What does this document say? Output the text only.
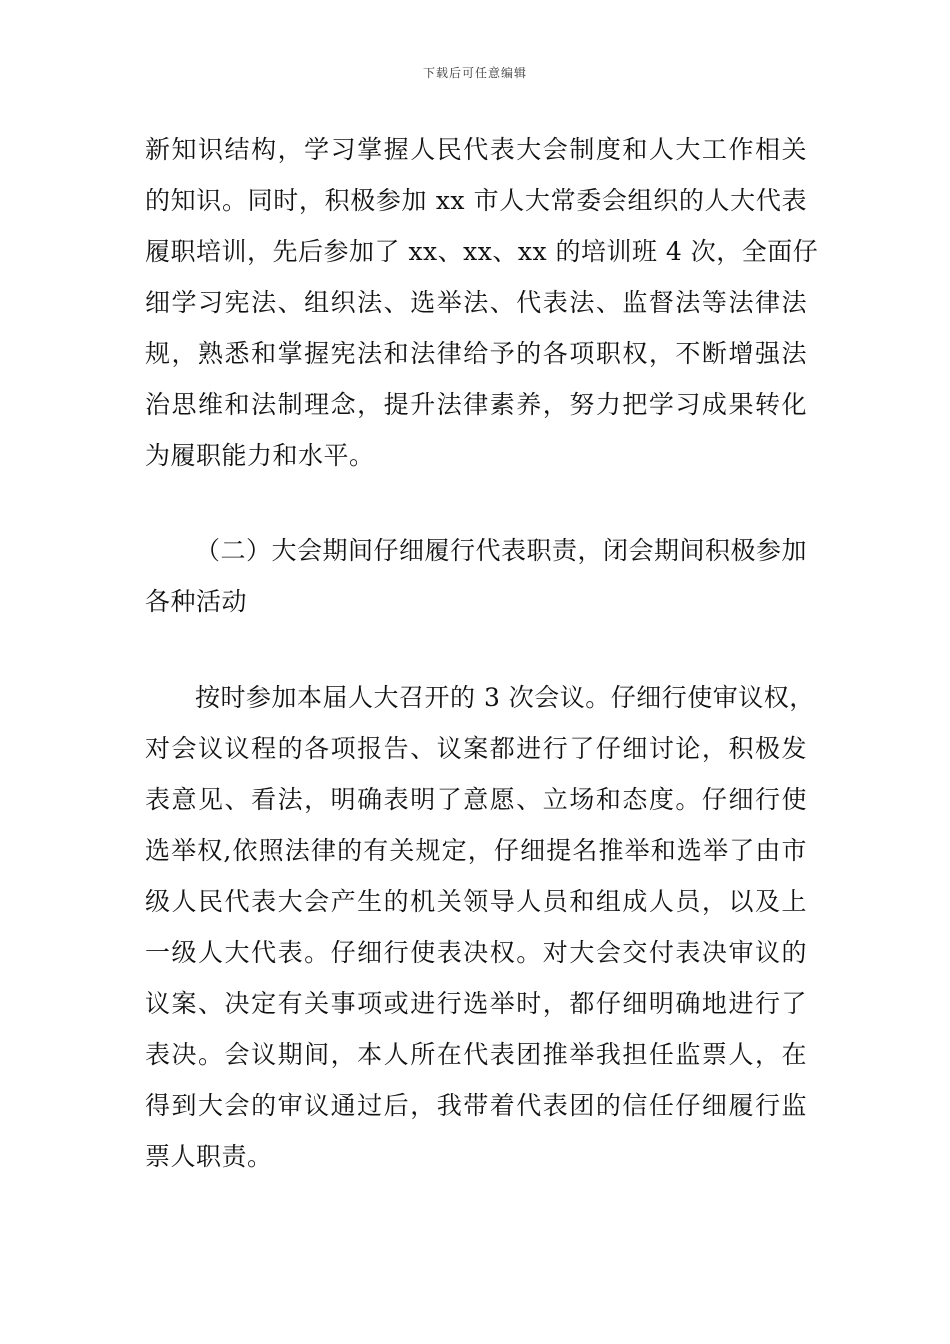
下载后可任意编辑
新知识结构，学习掌握人民代表大会制度和人大工作相关
的知识。同时，积极参加 xx 市人大常委会组织的人大代表
履职培训，先后参加了 xx、xx、xx 的培训班 4 次，全面仔
细学习宪法、组织法、选举法、代表法、监督法等法律法
规，熟悉和掌握宪法和法律给予的各项职权，不断增强法
治思维和法制理念，提升法律素养，努力把学习成果转化
为履职能力和水平。
（二）大会期间仔细履行代表职责，闭会期间积极参加
各种活动
按时参加本届人大召开的 3 次会议。仔细行使审议权，
对会议议程的各项报告、议案都进行了仔细讨论，积极发
表意见、看法，明确表明了意愿、立场和态度。仔细行使
选举权,依照法律的有关规定，仔细提名推举和选举了由市
级人民代表大会产生的机关领导人员和组成人员，以及上
一级人大代表。仔细行使表决权。对大会交付表决审议的
议案、决定有关事项或进行选举时，都仔细明确地进行了
表决。会议期间，本人所在代表团推举我担任监票人，在
得到大会的审议通过后，我带着代表团的信任仔细履行监
票人职责。
